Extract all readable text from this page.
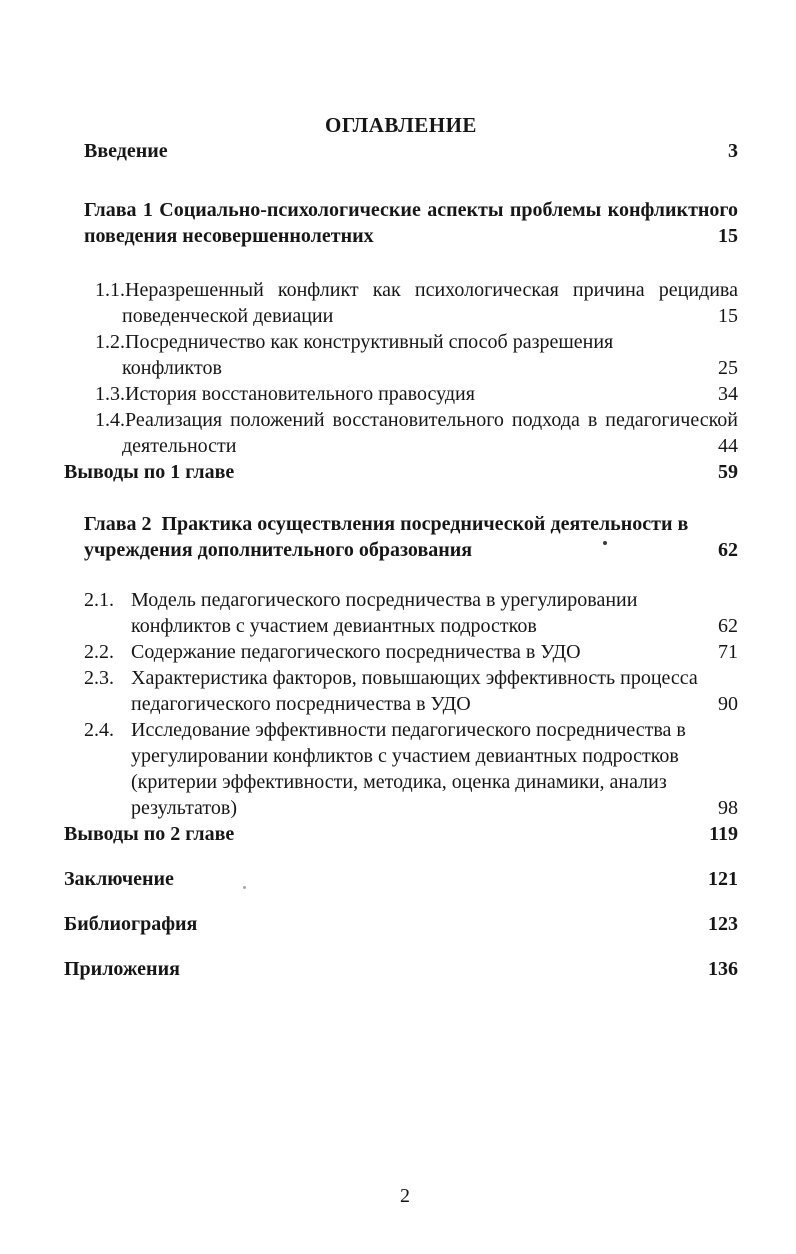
ОГЛАВЛЕНИЕ
Введение	3
Глава 1 Социально-психологические аспекты проблемы конфликтного
поведения несовершеннолетних	15
1.1.Неразрешенный конфликт как психологическая причина рецидива
поведенческой девиации	15
1.2.Посредничество как конструктивный способ разрешения
конфликтов	25
1.3.История восстановительного правосудия	34
1.4.Реализация положений восстановительного подхода в педагогической
деятельности	44
Выводы по 1 главе	59
Глава 2  Практика осуществления посреднической деятельности в
учреждения дополнительного образования	62
2.1. Модель педагогического посредничества в урегулировании
конфликтов с участием девиантных подростков	62
2.2. Содержание педагогического посредничества в УДО	71
2.3. Характеристика факторов, повышающих эффективность процесса
педагогического посредничества в УДО	90
2.4. Исследование эффективности педагогического посредничества в
урегулировании конфликтов с участием девиантных подростков
(критерии эффективности, методика, оценка динамики, анализ
результатов)	98
Выводы по 2 главе	119
Заключение	121
Библиография	123
Приложения	136
2
